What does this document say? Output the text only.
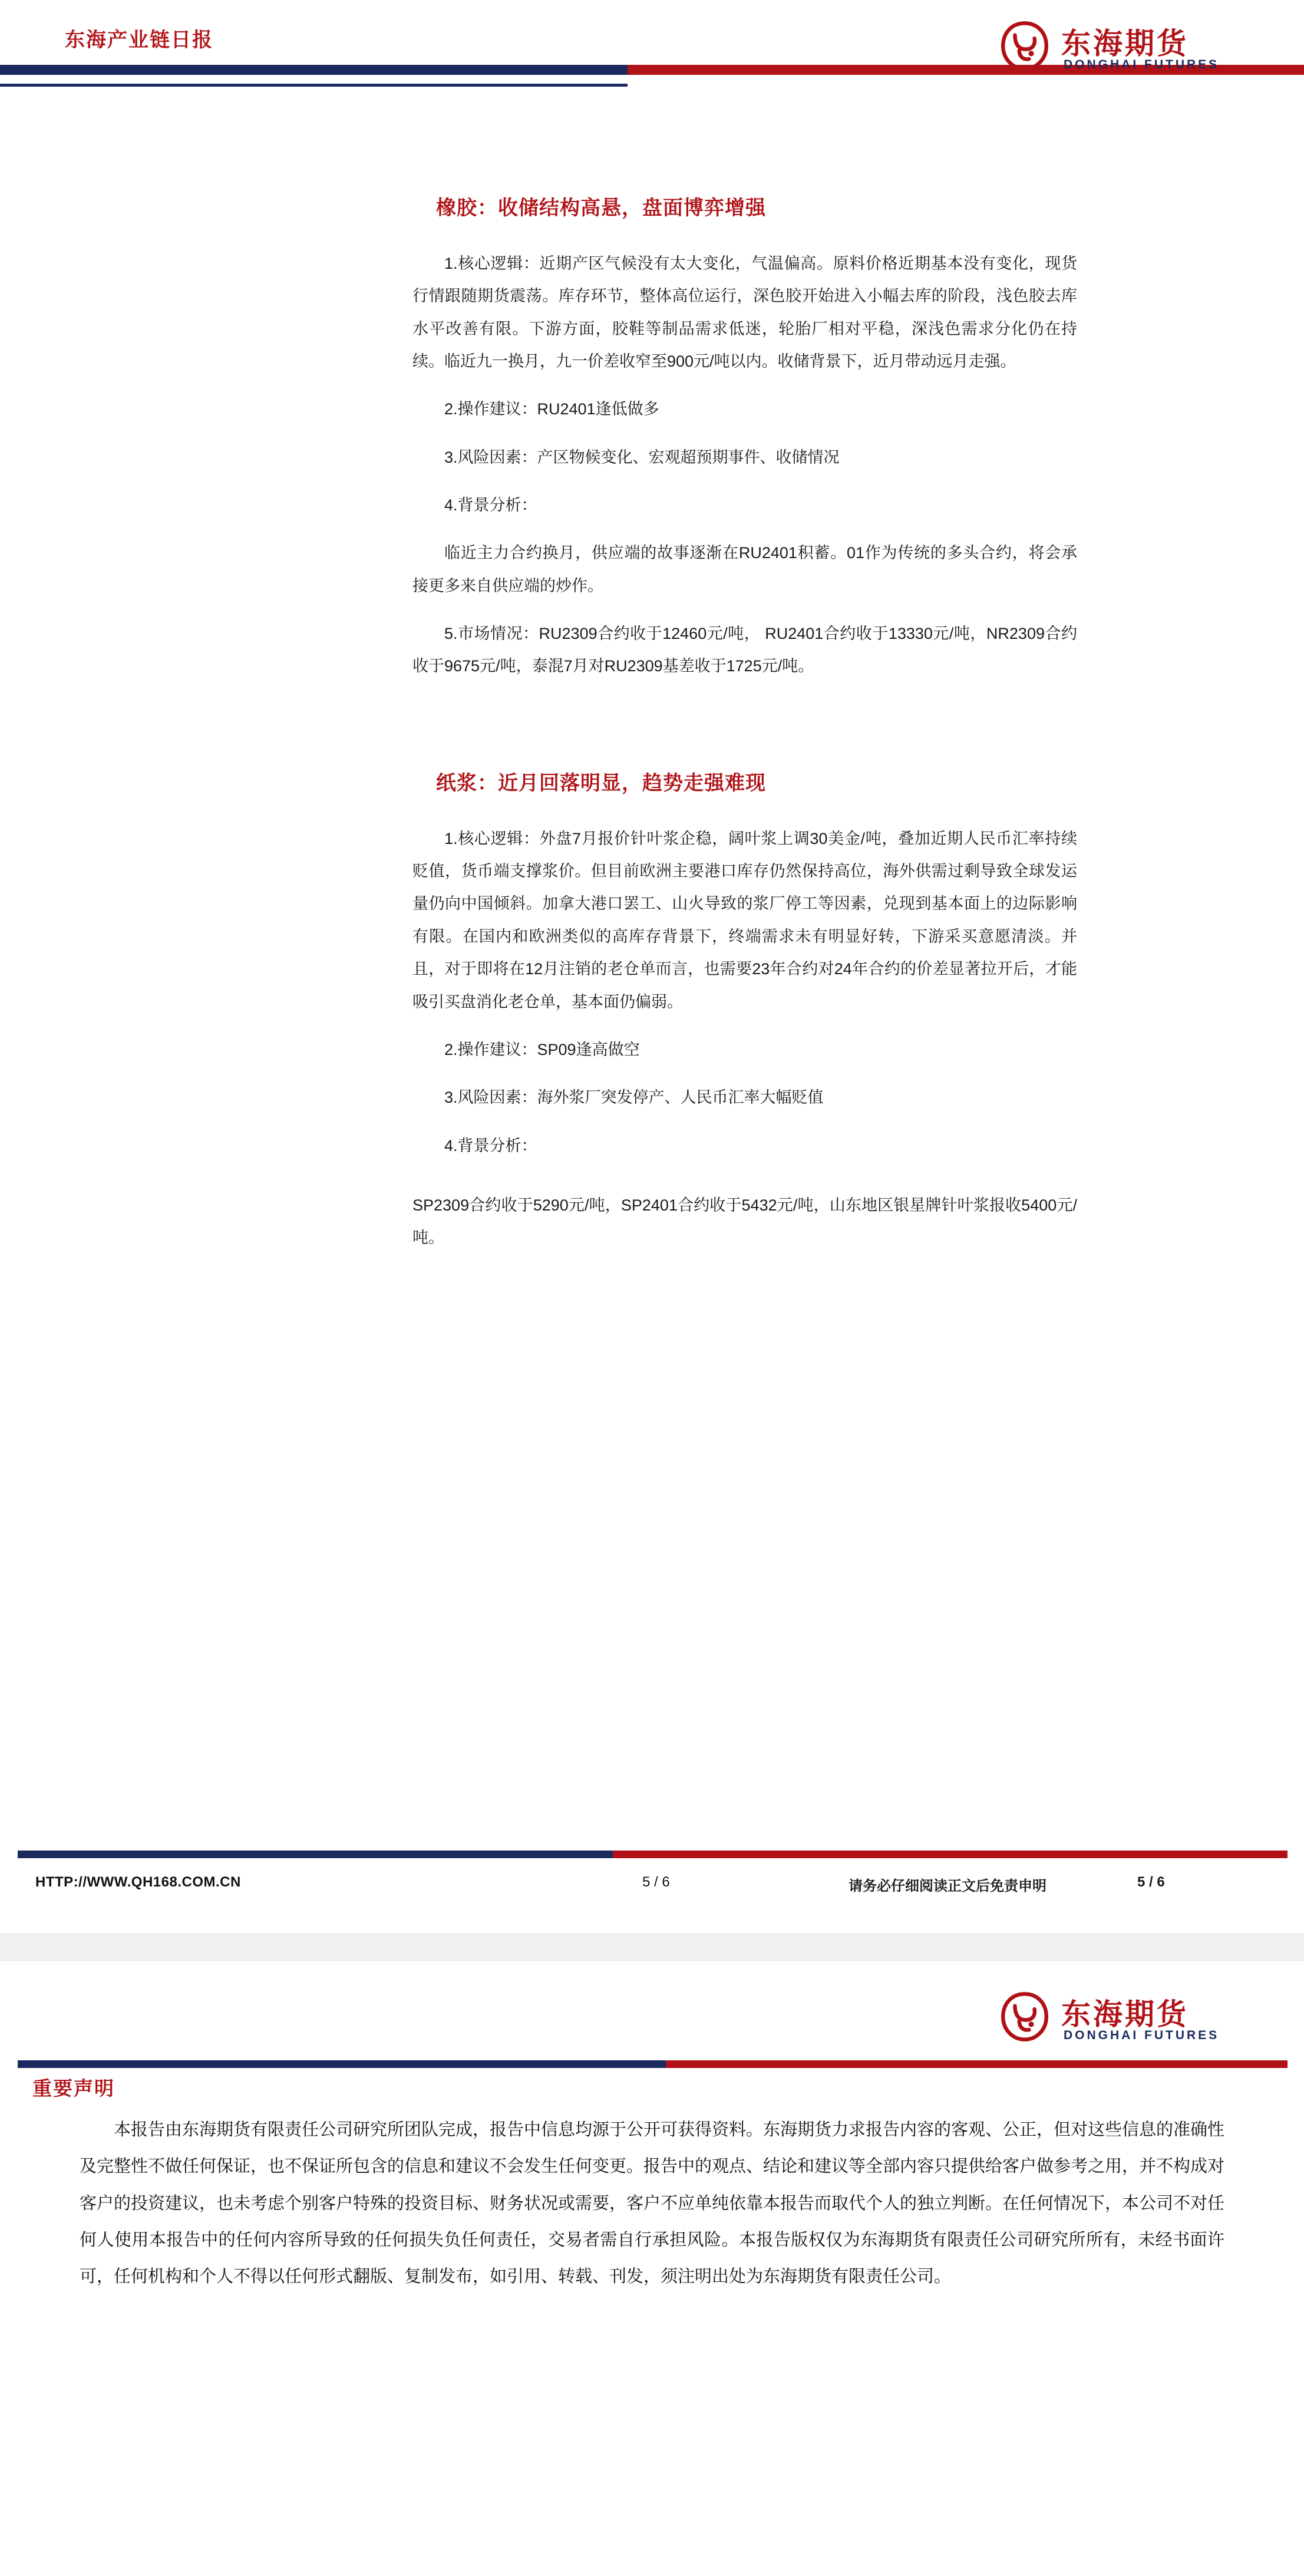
东海产业链日报	东海期货
DONGHAI FUTURES
橡胶：收储结构高悬，盘面博弈增强

1.核心逻辑：近期产区气候没有太大变化，气温偏高。原料价格近期基本没有变化，现货行情跟随期货震荡。库存环节，整体高位运行，深色胶开始进入小幅去库的阶段，浅色胶去库水平改善有限。下游方面，胶鞋等制品需求低迷，轮胎厂相对平稳，深浅色需求分化仍在持续。临近九一换月，九一价差收窄至900元/吨以内。收储背景下，近月带动远月走强。

2.操作建议：RU2401逢低做多

3.风险因素：产区物候变化、宏观超预期事件、收储情况

4.背景分析：

临近主力合约换月，供应端的故事逐渐在RU2401积蓄。01作为传统的多头合约，将会承接更多来自供应端的炒作。

5.市场情况：RU2309合约收于12460元/吨， RU2401合约收于13330元/吨，NR2309合约收于9675元/吨，泰混7月对RU2309基差收于1725元/吨。

纸浆：近月回落明显，趋势走强难现

1.核心逻辑：外盘7月报价针叶浆企稳，阔叶浆上调30美金/吨，叠加近期人民币汇率持续贬值，货币端支撑浆价。但目前欧洲主要港口库存仍然保持高位，海外供需过剩导致全球发运量仍向中国倾斜。加拿大港口罢工、山火导致的浆厂停工等因素，兑现到基本面上的边际影响有限。在国内和欧洲类似的高库存背景下，终端需求未有明显好转，下游采买意愿清淡。并且，对于即将在12月注销的老仓单而言，也需要23年合约对24年合约的价差显著拉开后，才能吸引买盘消化老仓单，基本面仍偏弱。

2.操作建议：SP09逢高做空

3.风险因素：海外浆厂突发停产、人民币汇率大幅贬值

4.背景分析：

SP2309合约收于5290元/吨，SP2401合约收于5432元/吨，山东地区银星牌针叶浆报收5400元/吨。

HTTP://WWW.QH168.COM.CN	5 / 6	请务必仔细阅读正文后免责申明	5 / 6
东海期货
DONGHAI FUTURES
重要声明

本报告由东海期货有限责任公司研究所团队完成，报告中信息均源于公开可获得资料。东海期货力求报告内容的客观、公正，但对这些信息的准确性及完整性不做任何保证，也不保证所包含的信息和建议不会发生任何变更。报告中的观点、结论和建议等全部内容只提供给客户做参考之用，并不构成对客户的投资建议，也未考虑个别客户特殊的投资目标、财务状况或需要，客户不应单纯依靠本报告而取代个人的独立判断。在任何情况下，本公司不对任何人使用本报告中的任何内容所导致的任何损失负任何责任，交易者需自行承担风险。本报告版权仅为东海期货有限责任公司研究所所有，未经书面许可，任何机构和个人不得以任何形式翻版、复制发布，如引用、转载、刊发，须注明出处为东海期货有限责任公司。
